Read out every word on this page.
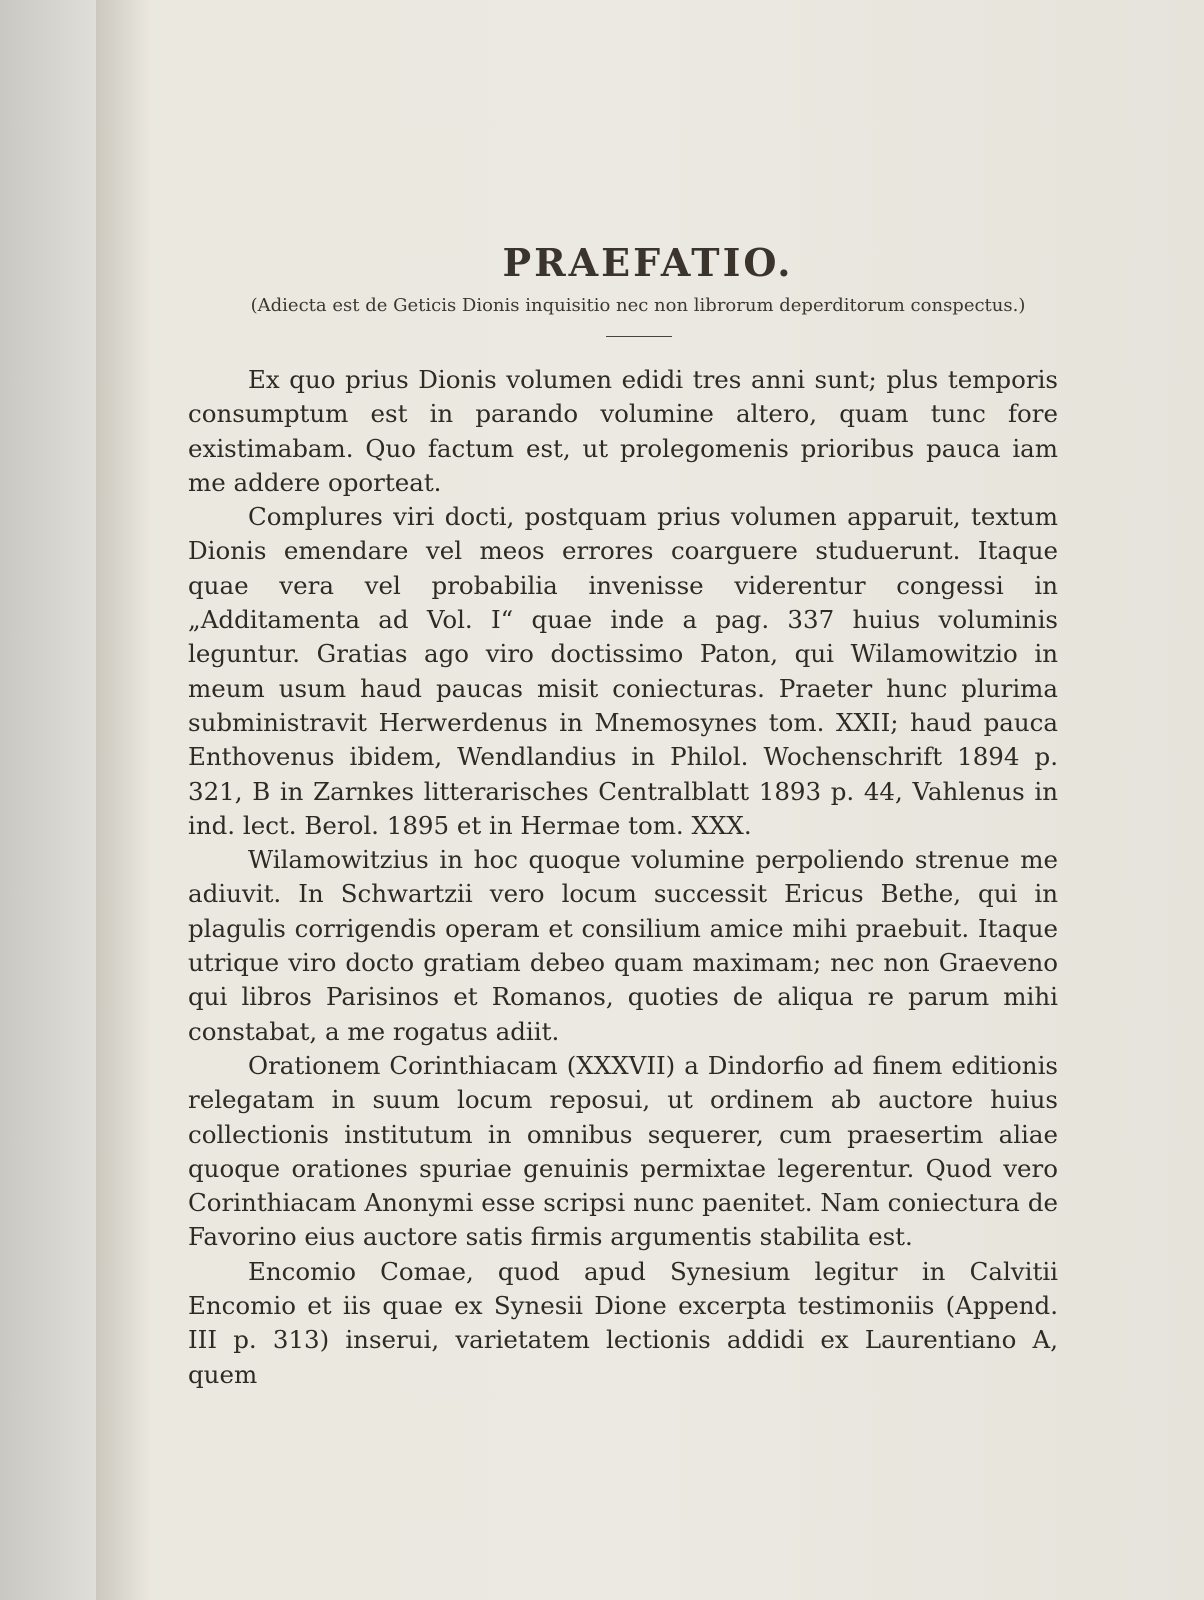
PRAEFATIO.
(Adiecta est de Geticis Dionis inquisitio nec non librorum deperditorum conspectus.)

Ex quo prius Dionis volumen edidi tres anni sunt; plus temporis consumptum est in parando volumine altero, quam tunc fore existimabam. Quo factum est, ut prolegomenis prioribus pauca iam me addere oporteat.

Complures viri docti, postquam prius volumen apparuit, textum Dionis emendare vel meos errores coarguere studuerunt. Itaque quae vera vel probabilia invenisse viderentur congessi in „Additamenta ad Vol. I“ quae inde a pag. 337 huius voluminis leguntur. Gratias ago viro doctissimo Paton, qui Wilamowitzio in meum usum haud paucas misit coniecturas. Praeter hunc plurima subministravit Herwerdenus in Mnemosynes tom. XXII; haud pauca Enthovenus ibidem, Wendlandius in Philol. Wochenschrift 1894 p. 321, B in Zarnkes litterarisches Centralblatt 1893 p. 44, Vahlenus in ind. lect. Berol. 1895 et in Hermae tom. XXX.

Wilamowitzius in hoc quoque volumine perpoliendo strenue me adiuvit. In Schwartzii vero locum successit Ericus Bethe, qui in plagulis corrigendis operam et consilium amice mihi praebuit. Itaque utrique viro docto gratiam debeo quam maximam; nec non Graeveno qui libros Parisinos et Romanos, quoties de aliqua re parum mihi constabat, a me rogatus adiit.

Orationem Corinthiacam (XXXVII) a Dindorfio ad finem editionis relegatam in suum locum reposui, ut ordinem ab auctore huius collectionis institutum in omnibus sequerer, cum praesertim aliae quoque orationes spuriae genuinis permixtae legerentur. Quod vero Corinthiacam Anonymi esse scripsi nunc paenitet. Nam coniectura de Favorino eius auctore satis firmis argumentis stabilita est.

Encomio Comae, quod apud Synesium legitur in Calvitii Encomio et iis quae ex Synesii Dione excerpta testimoniis (Append. III p. 313) inserui, varietatem lectionis addidi ex Laurentiano A, quem
